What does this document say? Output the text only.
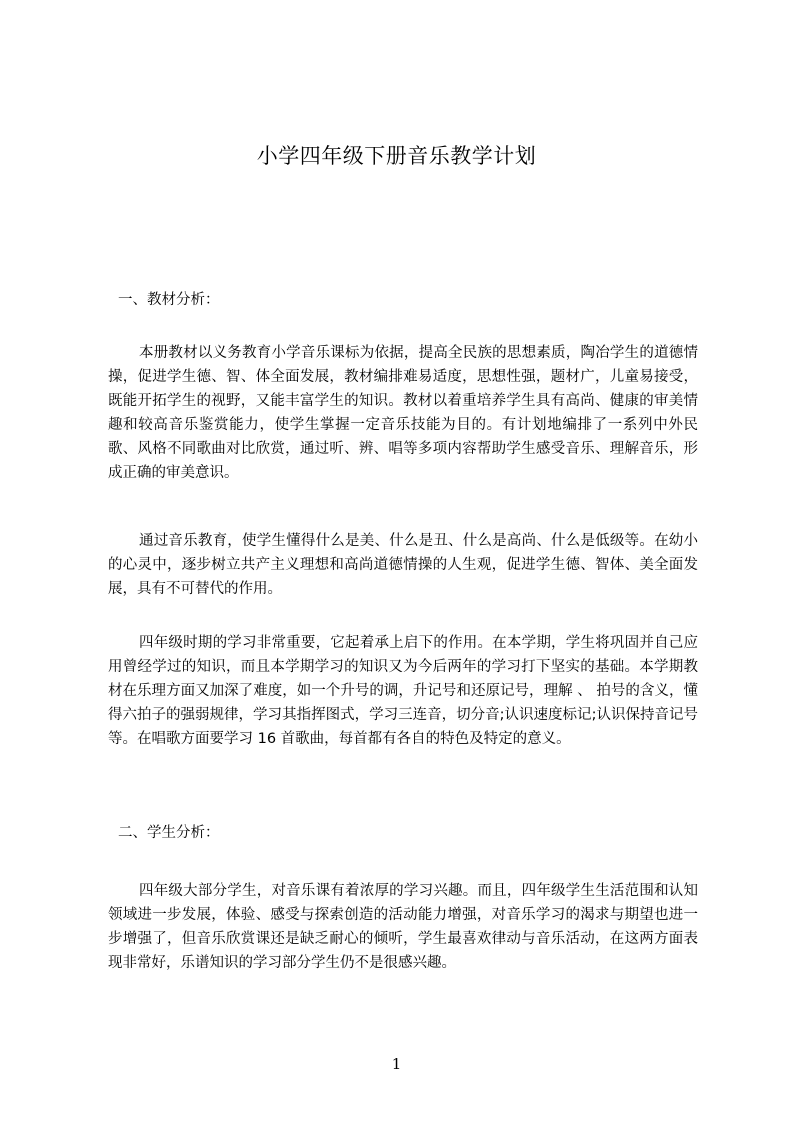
小学四年级下册音乐教学计划
一、教材分析：
本册教材以义务教育小学音乐课标为依据，提高全民族的思想素质，陶冶学生的道德情操，促进学生德、智、体全面发展，教材编排难易适度，思想性强，题材广，儿童易接受，既能开拓学生的视野，又能丰富学生的知识。教材以着重培养学生具有高尚、健康的审美情趣和较高音乐鉴赏能力，使学生掌握一定音乐技能为目的。有计划地编排了一系列中外民歌、风格不同歌曲对比欣赏，通过听、辨、唱等多项内容帮助学生感受音乐、理解音乐，形成正确的审美意识。
通过音乐教育，使学生懂得什么是美、什么是丑、什么是高尚、什么是低级等。在幼小的心灵中，逐步树立共产主义理想和高尚道德情操的人生观，促进学生德、智体、美全面发展，具有不可替代的作用。
四年级时期的学习非常重要，它起着承上启下的作用。在本学期，学生将巩固并自己应用曾经学过的知识，而且本学期学习的知识又为今后两年的学习打下坚实的基础。本学期教材在乐理方面又加深了难度，如一个升号的调，升记号和还原记号，理解 、 拍号的含义，懂得六拍子的强弱规律，学习其指挥图式，学习三连音，切分音;认识速度标记;认识保持音记号等。在唱歌方面要学习 16 首歌曲，每首都有各自的特色及特定的意义。
二、学生分析：
四年级大部分学生，对音乐课有着浓厚的学习兴趣。而且，四年级学生生活范围和认知领域进一步发展，体验、感受与探索创造的活动能力增强，对音乐学习的渴求与期望也进一步增强了，但音乐欣赏课还是缺乏耐心的倾听，学生最喜欢律动与音乐活动，在这两方面表现非常好，乐谱知识的学习部分学生仍不是很感兴趣。
1
